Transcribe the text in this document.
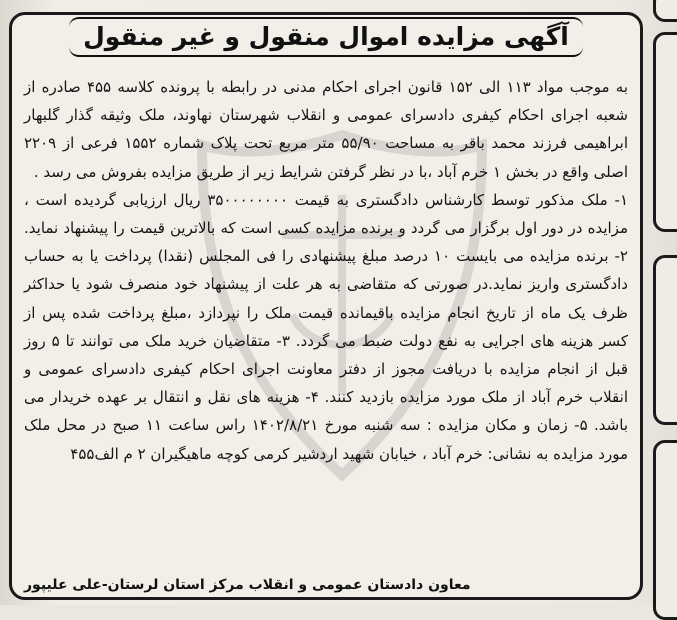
آگهی مزایده اموال منقول و غیر منقول

به موجب مواد ۱۱۳ الی ۱۵۲ قانون اجرای احکام مدنی در رابطه با پرونده کلاسه ۴۵۵ صادره از شعبه اجرای احکام کیفری دادسرای عمومی و انقلاب شهرستان نهاوند، ملک وثیقه گذار گلبهار ابراهیمی فرزند محمد باقر به مساحت ۵۵/۹۰ متر مربع تحت پلاک شماره ۱۵۵۲ فرعی از ۲۲۰۹ اصلی واقع در بخش ۱ خرم آباد ،با در نظر گرفتن شرایط زیر از طریق مزایده بفروش می رسد .

۱- ملک مذکور توسط کارشناس دادگستری به قیمت ۳۵۰۰۰۰۰۰۰۰ ریال ارزیابی گردیده است ، مزایده در دور اول برگزار می گردد و برنده مزایده کسی است که بالاترین قیمت را پیشنهاد نماید. ۲- برنده مزایده می بایست ۱۰ درصد مبلغ پیشنهادی را فی المجلس (نقدا) پرداخت یا به حساب دادگستری واریز نماید.در صورتی که متقاضی به هر علت از پیشنهاد خود منصرف شود یا حداکثر ظرف یک ماه از تاریخ انجام مزایده باقیمانده قیمت ملک را نپردازد ،مبلغ پرداخت شده پس از کسر هزینه های اجرایی به نفع دولت ضبط می گردد. ۳- متقاضیان خرید ملک می توانند تا ۵ روز قبل از انجام مزایده با دریافت مجوز از دفتر معاونت اجرای احکام کیفری دادسرای عمومی و انقلاب خرم آباد از ملک مورد مزایده بازدید کنند. ۴- هزینه های نقل و انتقال بر عهده خریدار می باشد. ۵- زمان و مکان مزایده : سه شنبه مورخ ۱۴۰۲/۸/۲۱ راس ساعت ۱۱ صبح در محل ملک مورد مزایده به نشانی: خرم آباد ، خیابان شهید اردشیر کرمی کوچه ماهیگیران ۲ م الف۴۵۵

معاون دادستان عمومی و انقلاب مرکز استان لرستان-علی علیپور
